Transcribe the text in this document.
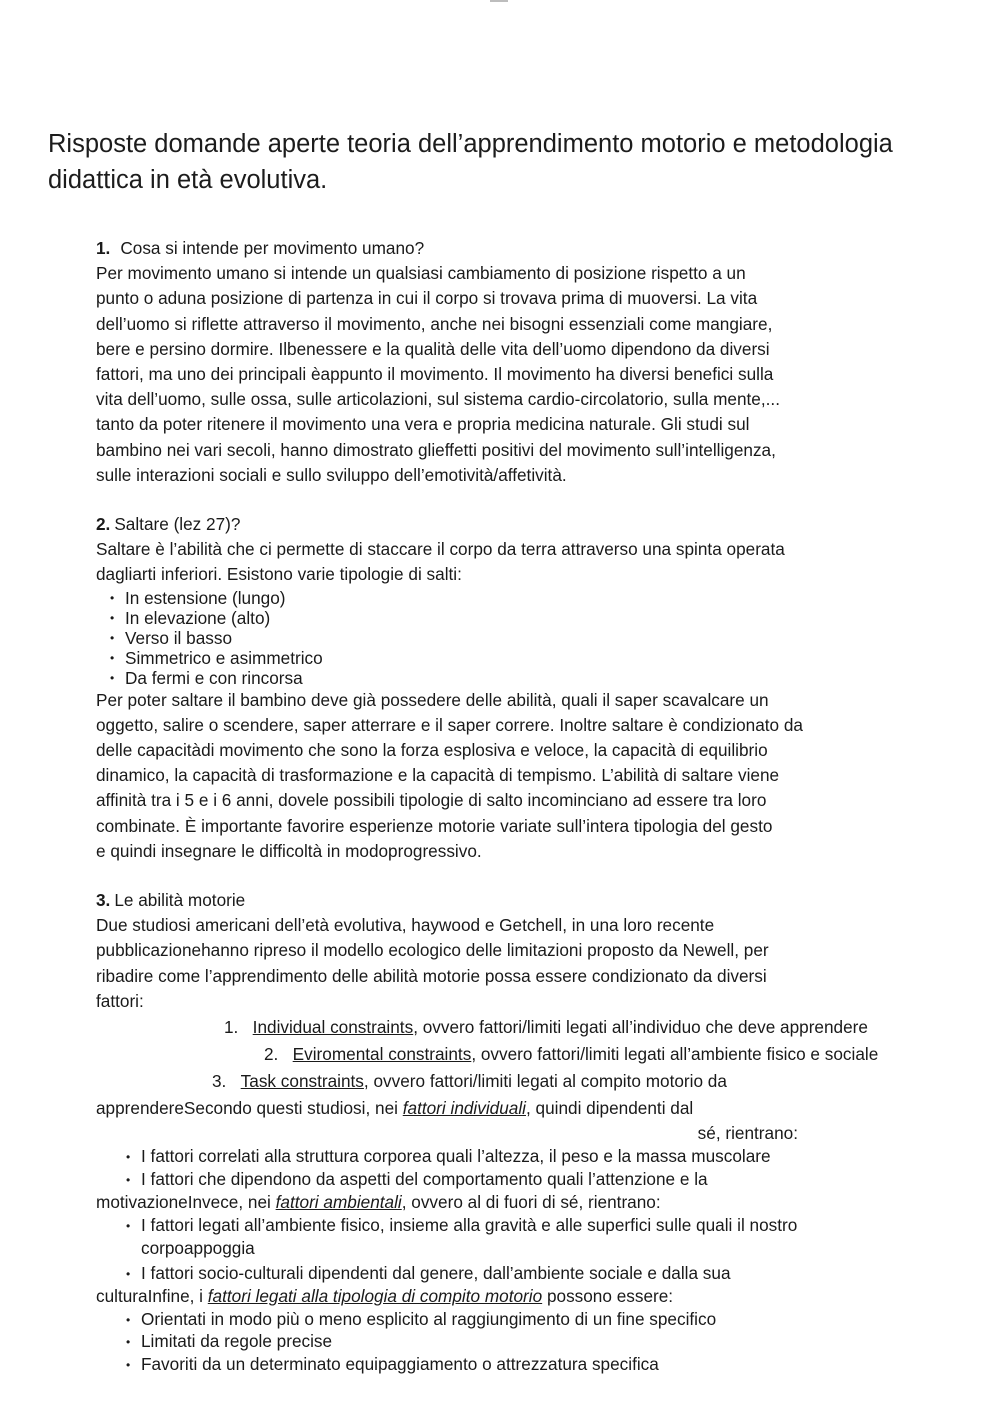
Risposte domande aperte teoria dell’apprendimento motorio e metodologia didattica in età evolutiva.
1. Cosa si intende per movimento umano?

Per movimento umano si intende un qualsiasi cambiamento di posizione rispetto a un

punto o aduna posizione di partenza in cui il corpo si trovava prima di muoversi. La vita

dell’uomo si riflette attraverso il movimento, anche nei bisogni essenziali come mangiare,

bere e persino dormire. Ilbenessere e la qualità delle vita dell’uomo dipendono da diversi

fattori, ma uno dei principali èappunto il movimento. Il movimento ha diversi benefici sulla

vita dell’uomo, sulle ossa, sulle articolazioni, sul sistema cardio-circolatorio, sulla mente,...

tanto da poter ritenere il movimento una vera e propria medicina naturale. Gli studi sul

bambino nei vari secoli, hanno dimostrato glieffetti positivi del movimento sull’intelligenza,

sulle interazioni sociali e sullo sviluppo dell’emotività/affetività.

2. Saltare (lez 27)?

Saltare è l’abilità che ci permette di staccare il corpo da terra attraverso una spinta operata

dagliarti inferiori. Esistono varie tipologie di salti:

• In estensione (lungo)
• In elevazione (alto)
• Verso il basso
• Simmetrico e asimmetrico
• Da fermi e con rincorsa

Per poter saltare il bambino deve già possedere delle abilità, quali il saper scavalcare un

oggetto, salire o scendere, saper atterrare e il saper correre. Inoltre saltare è condizionato da

delle capacitàdi movimento che sono la forza esplosiva e veloce, la capacità di equilibrio

dinamico, la capacità di trasformazione e la capacità di tempismo. L’abilità di saltare viene

affinità tra i 5 e i 6 anni, dovele possibili tipologie di salto incominciano ad essere tra loro

combinate. È importante favorire esperienze motorie variate sull’intera tipologia del gesto

e quindi insegnare le difficoltà in modoprogressivo.

3. Le abilità motorie

Due studiosi americani dell’età evolutiva, haywood e Getchell, in una loro recente

pubblicazionehanno ripreso il modello ecologico delle limitazioni proposto da Newell, per

ribadire come l’apprendimento delle abilità motorie possa essere condizionato da diversi

fattori:

1. Individual constraints, ovvero fattori/limiti legati all’individuo che deve apprendere
2. Eviromental constraints, ovvero fattori/limiti legati all’ambiente fisico e sociale
3. Task constraints, ovvero fattori/limiti legati al compito motorio da

apprendereSecondo questi studiosi, nei fattori individuali, quindi dipendenti dal

sé, rientrano:

• I fattori correlati alla struttura corporea quali l’altezza, il peso e la massa muscolare
• I fattori che dipendono da aspetti del comportamento quali l’attenzione e la

motivazioneInvece, nei fattori ambientali, ovvero al di fuori di sé, rientrano:

• I fattori legati all’ambiente fisico, insieme alla gravità e alle superfici sulle quali il nostro
corpoappoggia
• I fattori socio-culturali dipendenti dal genere, dall’ambiente sociale e dalla sua

culturaInfine, i fattori legati alla tipologia di compito motorio possono essere:

• Orientati in modo più o meno esplicito al raggiungimento di un fine specifico
• Limitati da regole precise
• Favoriti da un determinato equipaggiamento o attrezzatura specifica
